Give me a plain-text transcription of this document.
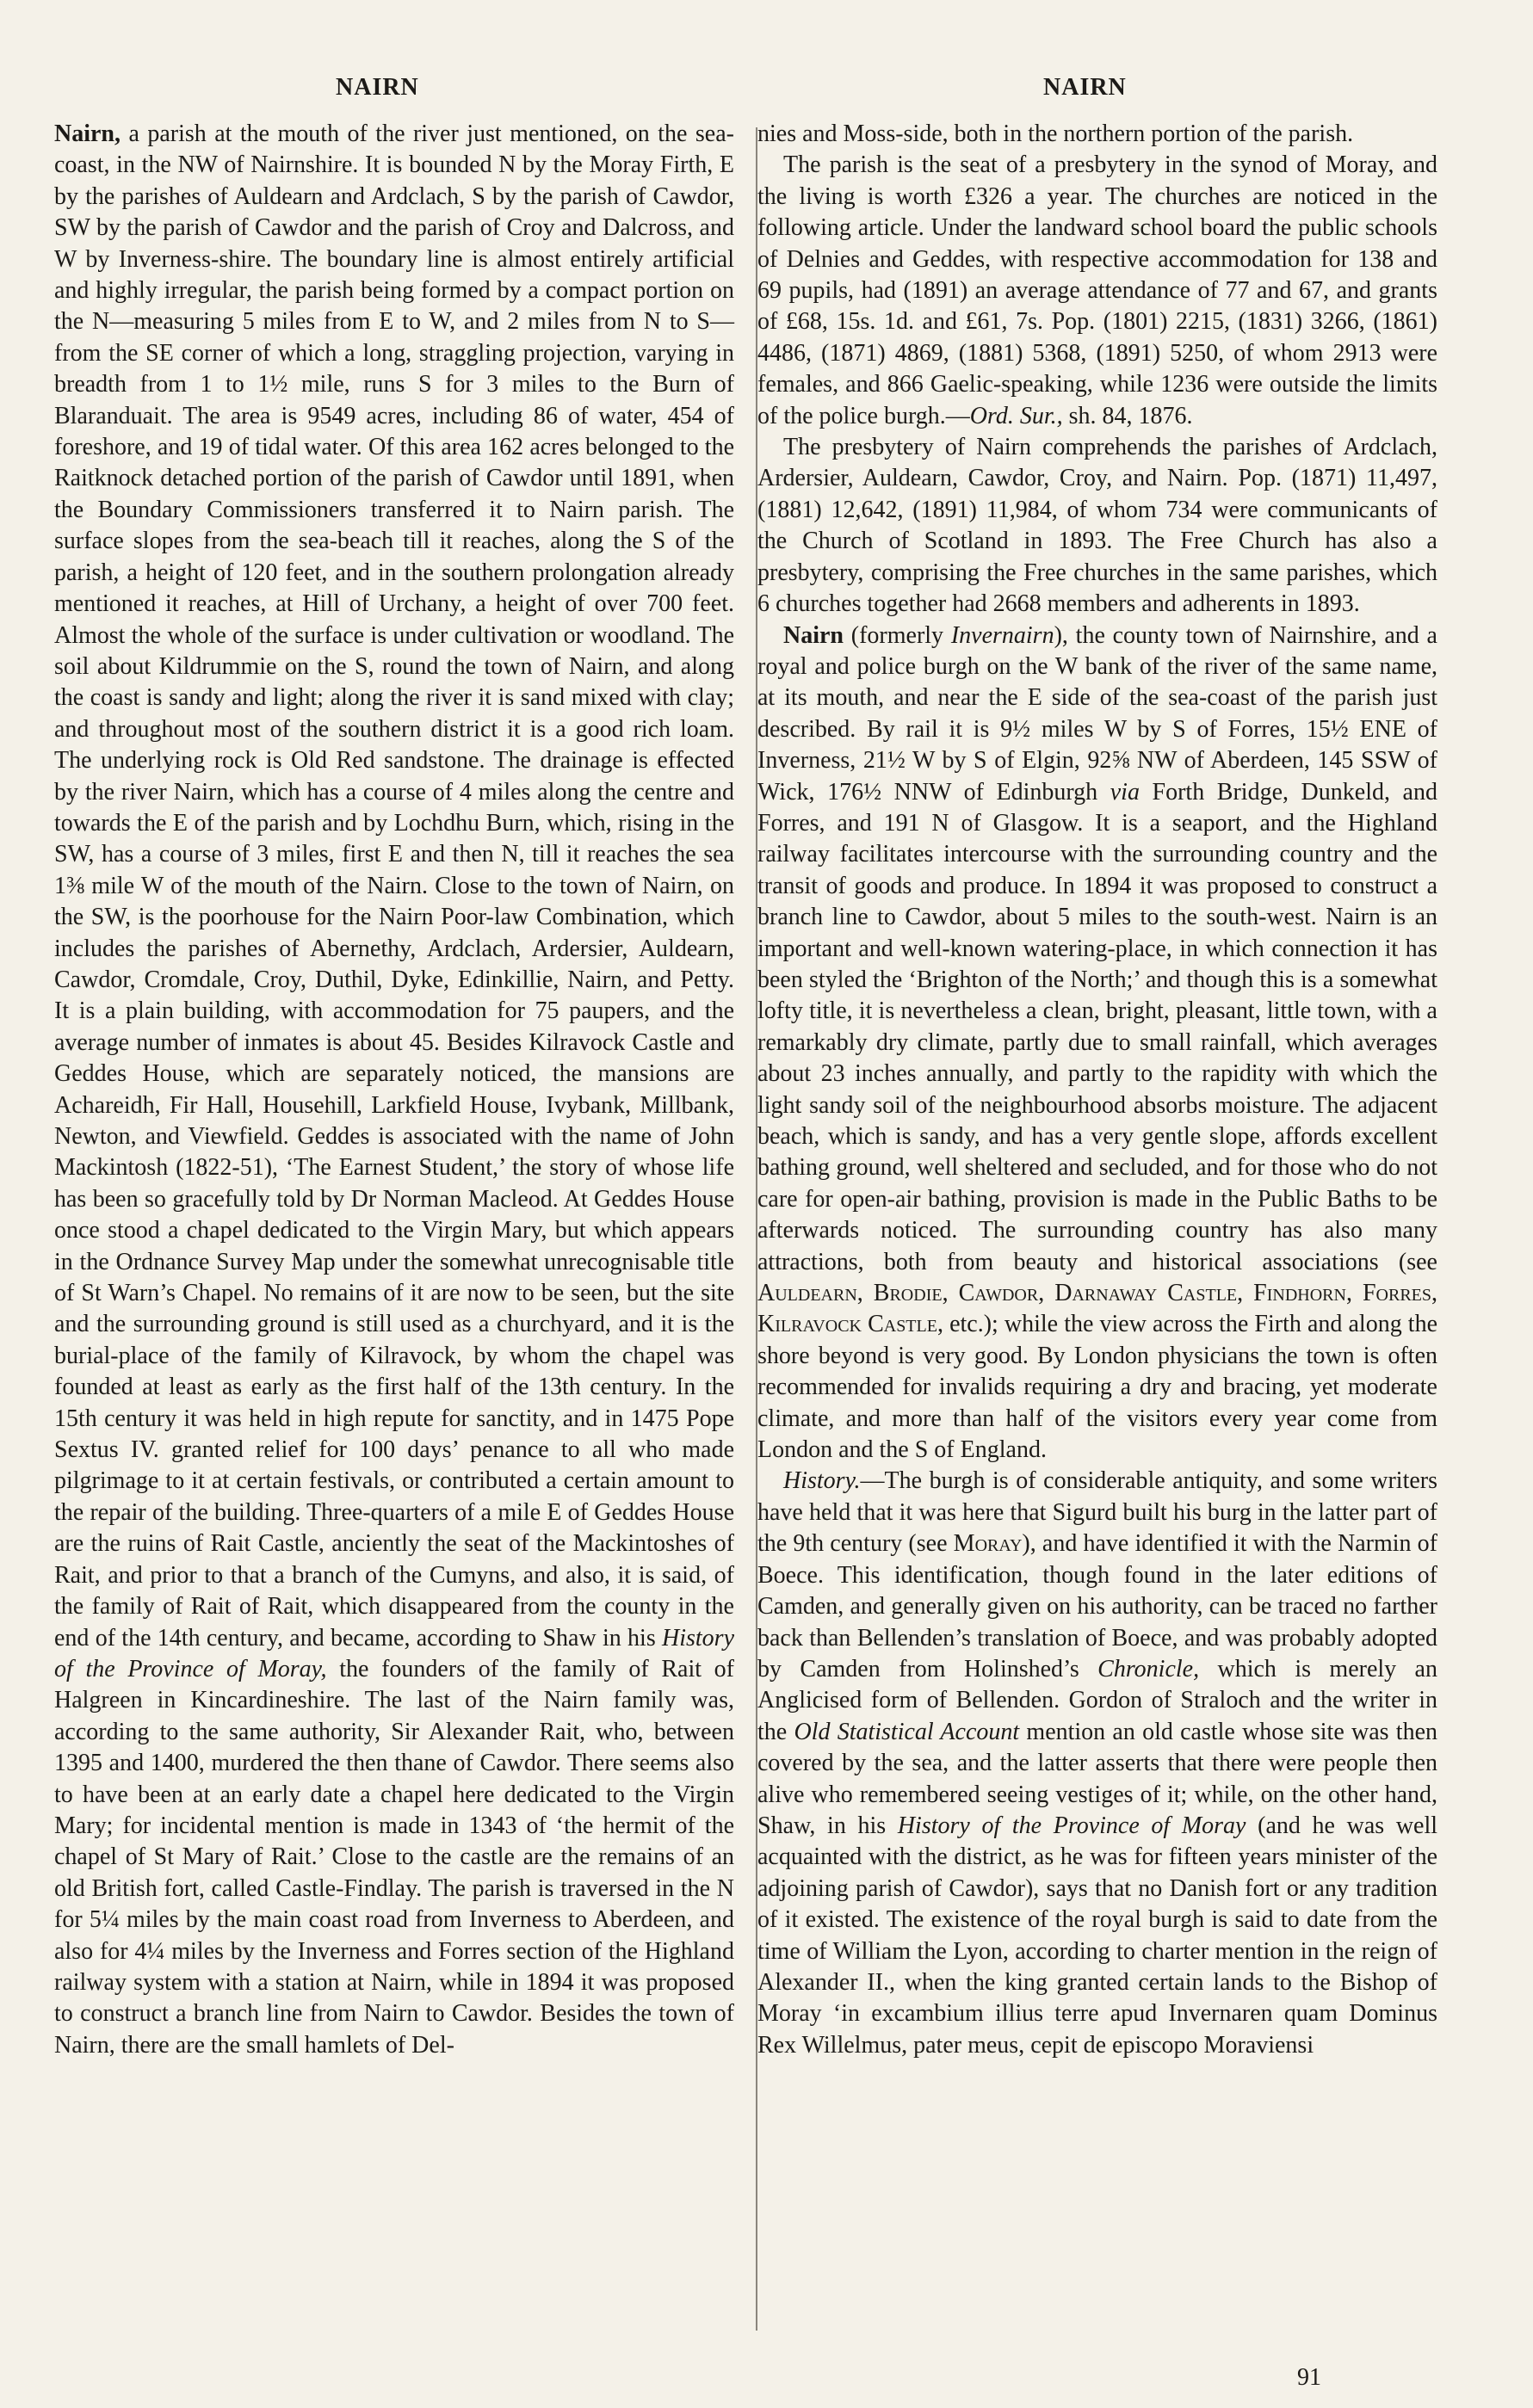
NAIRN	NAIRN

Nairn, a parish at the mouth of the river just mentioned, on the sea-coast, in the NW of Nairnshire. It is bounded N by the Moray Firth, E by the parishes of Auldearn and Ardclach, S by the parish of Cawdor, SW by the parish of Cawdor and the parish of Croy and Dalcross, and W by Inverness-shire. The boundary line is almost entirely artificial and highly irregular, the parish being formed by a compact portion on the N—measuring 5 miles from E to W, and 2 miles from N to S—from the SE corner of which a long, straggling projection, varying in breadth from 1 to 1½ mile, runs S for 3 miles to the Burn of Blaranduait. The area is 9549 acres, including 86 of water, 454 of foreshore, and 19 of tidal water. Of this area 162 acres belonged to the Raitknock detached portion of the parish of Cawdor until 1891, when the Boundary Commissioners transferred it to Nairn parish. The surface slopes from the sea-beach till it reaches, along the S of the parish, a height of 120 feet, and in the southern prolongation already mentioned it reaches, at Hill of Urchany, a height of over 700 feet. Almost the whole of the surface is under cultivation or woodland. The soil about Kildrummie on the S, round the town of Nairn, and along the coast is sandy and light; along the river it is sand mixed with clay; and throughout most of the southern district it is a good rich loam. The underlying rock is Old Red sandstone. The drainage is effected by the river Nairn, which has a course of 4 miles along the centre and towards the E of the parish and by Lochdhu Burn, which, rising in the SW, has a course of 3 miles, first E and then N, till it reaches the sea 1⅜ mile W of the mouth of the Nairn. Close to the town of Nairn, on the SW, is the poorhouse for the Nairn Poor-law Combination, which includes the parishes of Abernethy, Ardclach, Ardersier, Auldearn, Cawdor, Cromdale, Croy, Duthil, Dyke, Edinkillie, Nairn, and Petty. It is a plain building, with accommodation for 75 paupers, and the average number of inmates is about 45. Besides Kilravock Castle and Geddes House, which are separately noticed, the mansions are Achareidh, Fir Hall, Househill, Larkfield House, Ivybank, Millbank, Newton, and Viewfield. Geddes is associated with the name of John Mackintosh (1822-51), ‘The Earnest Student,’ the story of whose life has been so gracefully told by Dr Norman Macleod. At Geddes House once stood a chapel dedicated to the Virgin Mary, but which appears in the Ordnance Survey Map under the somewhat unrecognisable title of St Warn’s Chapel. No remains of it are now to be seen, but the site and the surrounding ground is still used as a churchyard, and it is the burial-place of the family of Kilravock, by whom the chapel was founded at least as early as the first half of the 13th century. In the 15th century it was held in high repute for sanctity, and in 1475 Pope Sextus IV. granted relief for 100 days’ penance to all who made pilgrimage to it at certain festivals, or contributed a certain amount to the repair of the building. Three-quarters of a mile E of Geddes House are the ruins of Rait Castle, anciently the seat of the Mackintoshes of Rait, and prior to that a branch of the Cumyns, and also, it is said, of the family of Rait of Rait, which disappeared from the county in the end of the 14th century, and became, according to Shaw in his History of the Province of Moray, the founders of the family of Rait of Halgreen in Kincardineshire. The last of the Nairn family was, according to the same authority, Sir Alexander Rait, who, between 1395 and 1400, murdered the then thane of Cawdor. There seems also to have been at an early date a chapel here dedicated to the Virgin Mary; for incidental mention is made in 1343 of ‘the hermit of the chapel of St Mary of Rait.’ Close to the castle are the remains of an old British fort, called Castle-Findlay. The parish is traversed in the N for 5¼ miles by the main coast road from Inverness to Aberdeen, and also for 4¼ miles by the Inverness and Forres section of the Highland railway system with a station at Nairn, while in 1894 it was proposed to construct a branch line from Nairn to Cawdor. Besides the town of Nairn, there are the small hamlets of Del-

nies and Moss-side, both in the northern portion of the parish.

The parish is the seat of a presbytery in the synod of Moray, and the living is worth £326 a year. The churches are noticed in the following article. Under the landward school board the public schools of Delnies and Geddes, with respective accommodation for 138 and 69 pupils, had (1891) an average attendance of 77 and 67, and grants of £68, 15s. 1d. and £61, 7s. Pop. (1801) 2215, (1831) 3266, (1861) 4486, (1871) 4869, (1881) 5368, (1891) 5250, of whom 2913 were females, and 866 Gaelic-speaking, while 1236 were outside the limits of the police burgh.—Ord. Sur., sh. 84, 1876.

The presbytery of Nairn comprehends the parishes of Ardclach, Ardersier, Auldearn, Cawdor, Croy, and Nairn. Pop. (1871) 11,497, (1881) 12,642, (1891) 11,984, of whom 734 were communicants of the Church of Scotland in 1893. The Free Church has also a presbytery, comprising the Free churches in the same parishes, which 6 churches together had 2668 members and adherents in 1893.

Nairn (formerly Invernairn), the county town of Nairnshire, and a royal and police burgh on the W bank of the river of the same name, at its mouth, and near the E side of the sea-coast of the parish just described. By rail it is 9½ miles W by S of Forres, 15½ ENE of Inverness, 21½ W by S of Elgin, 92⅝ NW of Aberdeen, 145 SSW of Wick, 176½ NNW of Edinburgh via Forth Bridge, Dunkeld, and Forres, and 191 N of Glasgow. It is a seaport, and the Highland railway facilitates intercourse with the surrounding country and the transit of goods and produce. In 1894 it was proposed to construct a branch line to Cawdor, about 5 miles to the south-west. Nairn is an important and well-known watering-place, in which connection it has been styled the ‘Brighton of the North;’ and though this is a somewhat lofty title, it is nevertheless a clean, bright, pleasant, little town, with a remarkably dry climate, partly due to small rainfall, which averages about 23 inches annually, and partly to the rapidity with which the light sandy soil of the neighbourhood absorbs moisture. The adjacent beach, which is sandy, and has a very gentle slope, affords excellent bathing ground, well sheltered and secluded, and for those who do not care for open-air bathing, provision is made in the Public Baths to be afterwards noticed. The surrounding country has also many attractions, both from beauty and historical associations (see Auldearn, Brodie, Cawdor, Darnaway Castle, Findhorn, Forres, Kilravock Castle, etc.); while the view across the Firth and along the shore beyond is very good. By London physicians the town is often recommended for invalids requiring a dry and bracing, yet moderate climate, and more than half of the visitors every year come from London and the S of England.

History.—The burgh is of considerable antiquity, and some writers have held that it was here that Sigurd built his burg in the latter part of the 9th century (see Moray), and have identified it with the Narmin of Boece. This identification, though found in the later editions of Camden, and generally given on his authority, can be traced no farther back than Bellenden’s translation of Boece, and was probably adopted by Camden from Holinshed’s Chronicle, which is merely an Anglicised form of Bellenden. Gordon of Straloch and the writer in the Old Statistical Account mention an old castle whose site was then covered by the sea, and the latter asserts that there were people then alive who remembered seeing vestiges of it; while, on the other hand, Shaw, in his History of the Province of Moray (and he was well acquainted with the district, as he was for fifteen years minister of the adjoining parish of Cawdor), says that no Danish fort or any tradition of it existed. The existence of the royal burgh is said to date from the time of William the Lyon, according to charter mention in the reign of Alexander II., when the king granted certain lands to the Bishop of Moray ‘in excambium illius terre apud Invernaren quam Dominus Rex Willelmus, pater meus, cepit de episcopo Moraviensi

91
